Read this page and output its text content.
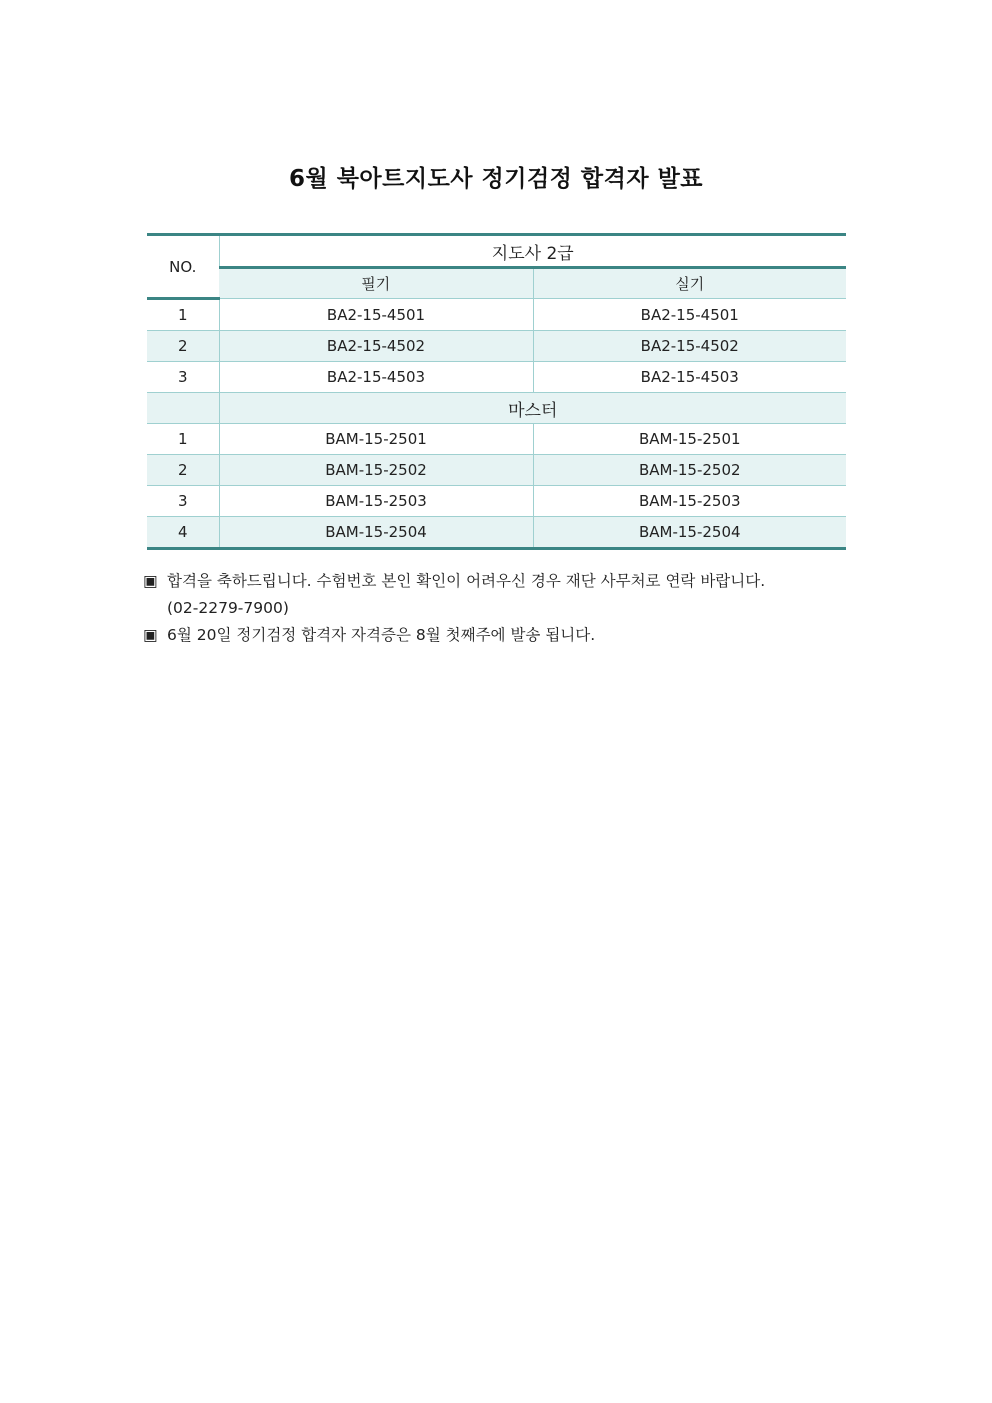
6월 북아트지도사 정기검정 합격자 발표
NO.	지도사 2급	
	필기	실기
1	BA2-15-4501	BA2-15-4501
2	BA2-15-4502	BA2-15-4502
3	BA2-15-4503	BA2-15-4503
	마스터	
1	BAM-15-2501	BAM-15-2501
2	BAM-15-2502	BAM-15-2502
3	BAM-15-2503	BAM-15-2503
4	BAM-15-2504	BAM-15-2504
▣ 합격을 축하드립니다. 수험번호 본인 확인이 어려우신 경우 재단 사무처로 연락 바랍니다.
(02-2279-7900)
▣ 6월 20일 정기검정 합격자 자격증은 8월 첫째주에 발송 됩니다.
